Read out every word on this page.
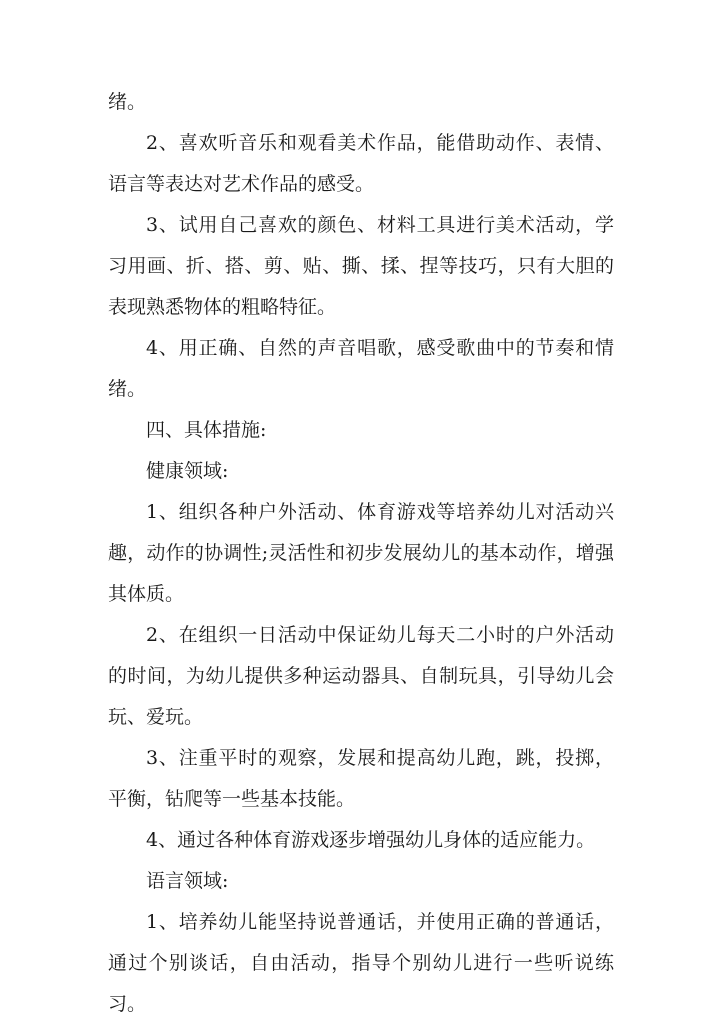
绪。

2、喜欢听音乐和观看美术作品，能借助动作、表情、语言等表达对艺术作品的感受。

3、试用自己喜欢的颜色、材料工具进行美术活动，学习用画、折、搭、剪、贴、撕、揉、捏等技巧，只有大胆的表现熟悉物体的粗略特征。

4、用正确、自然的声音唱歌，感受歌曲中的节奏和情绪。

四、具体措施:

健康领域:

1、组织各种户外活动、体育游戏等培养幼儿对活动兴趣，动作的协调性;灵活性和初步发展幼儿的基本动作，增强其体质。

2、在组织一日活动中保证幼儿每天二小时的户外活动的时间，为幼儿提供多种运动器具、自制玩具，引导幼儿会玩、爱玩。

3、注重平时的观察，发展和提高幼儿跑，跳，投掷，平衡，钻爬等一些基本技能。

4、通过各种体育游戏逐步增强幼儿身体的适应能力。

语言领域:

1、培养幼儿能坚持说普通话，并使用正确的普通话，通过个别谈话，自由活动，指导个别幼儿进行一些听说练习。
